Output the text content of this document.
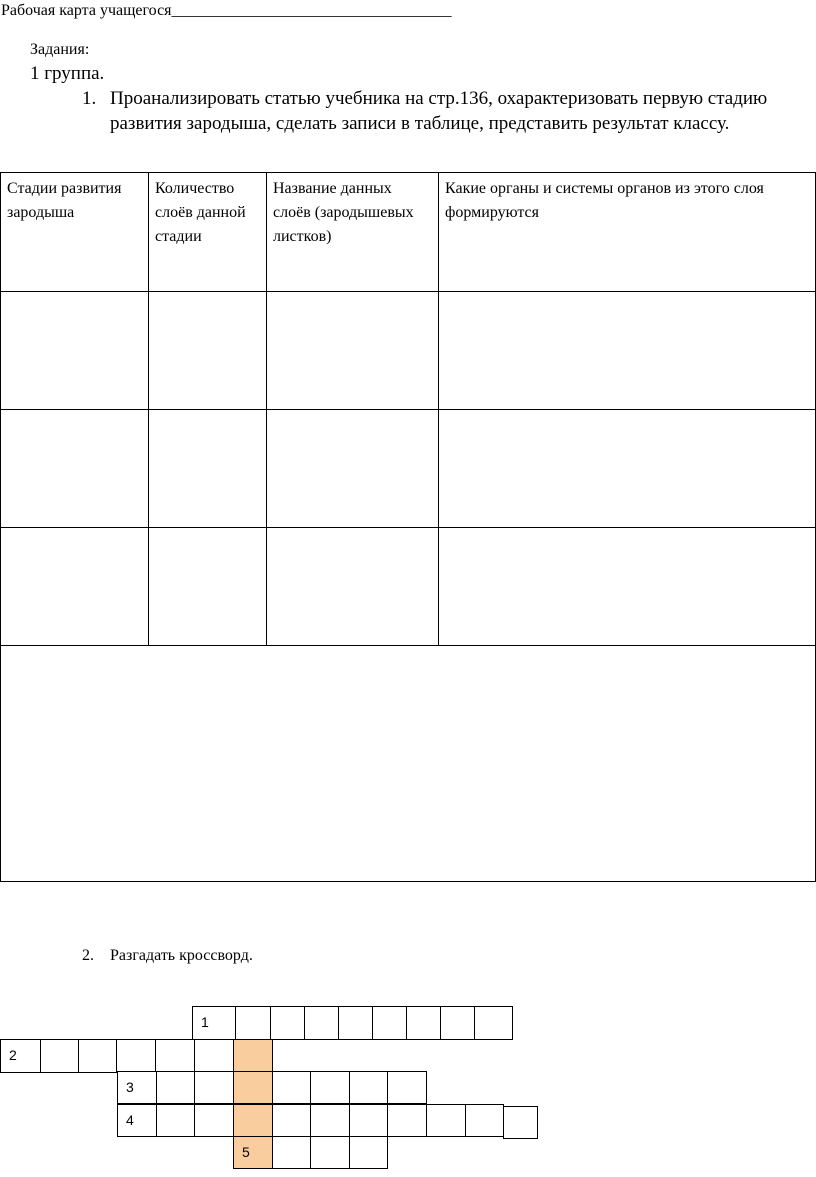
Рабочая карта учащегося___________________________________
Задания:
1 группа.
1. Проанализировать статью учебника на стр.136, охарактеризовать первую стадию развития зародыша, сделать записи в таблице, представить результат классу.
Стадии развития зародыша	Количество слоёв данной стадии	Название данных слоёв (зародышевых листков)	Какие органы и системы органов из этого слоя формируются

2. Разгадать кроссворд.
1
2
3
4
5
